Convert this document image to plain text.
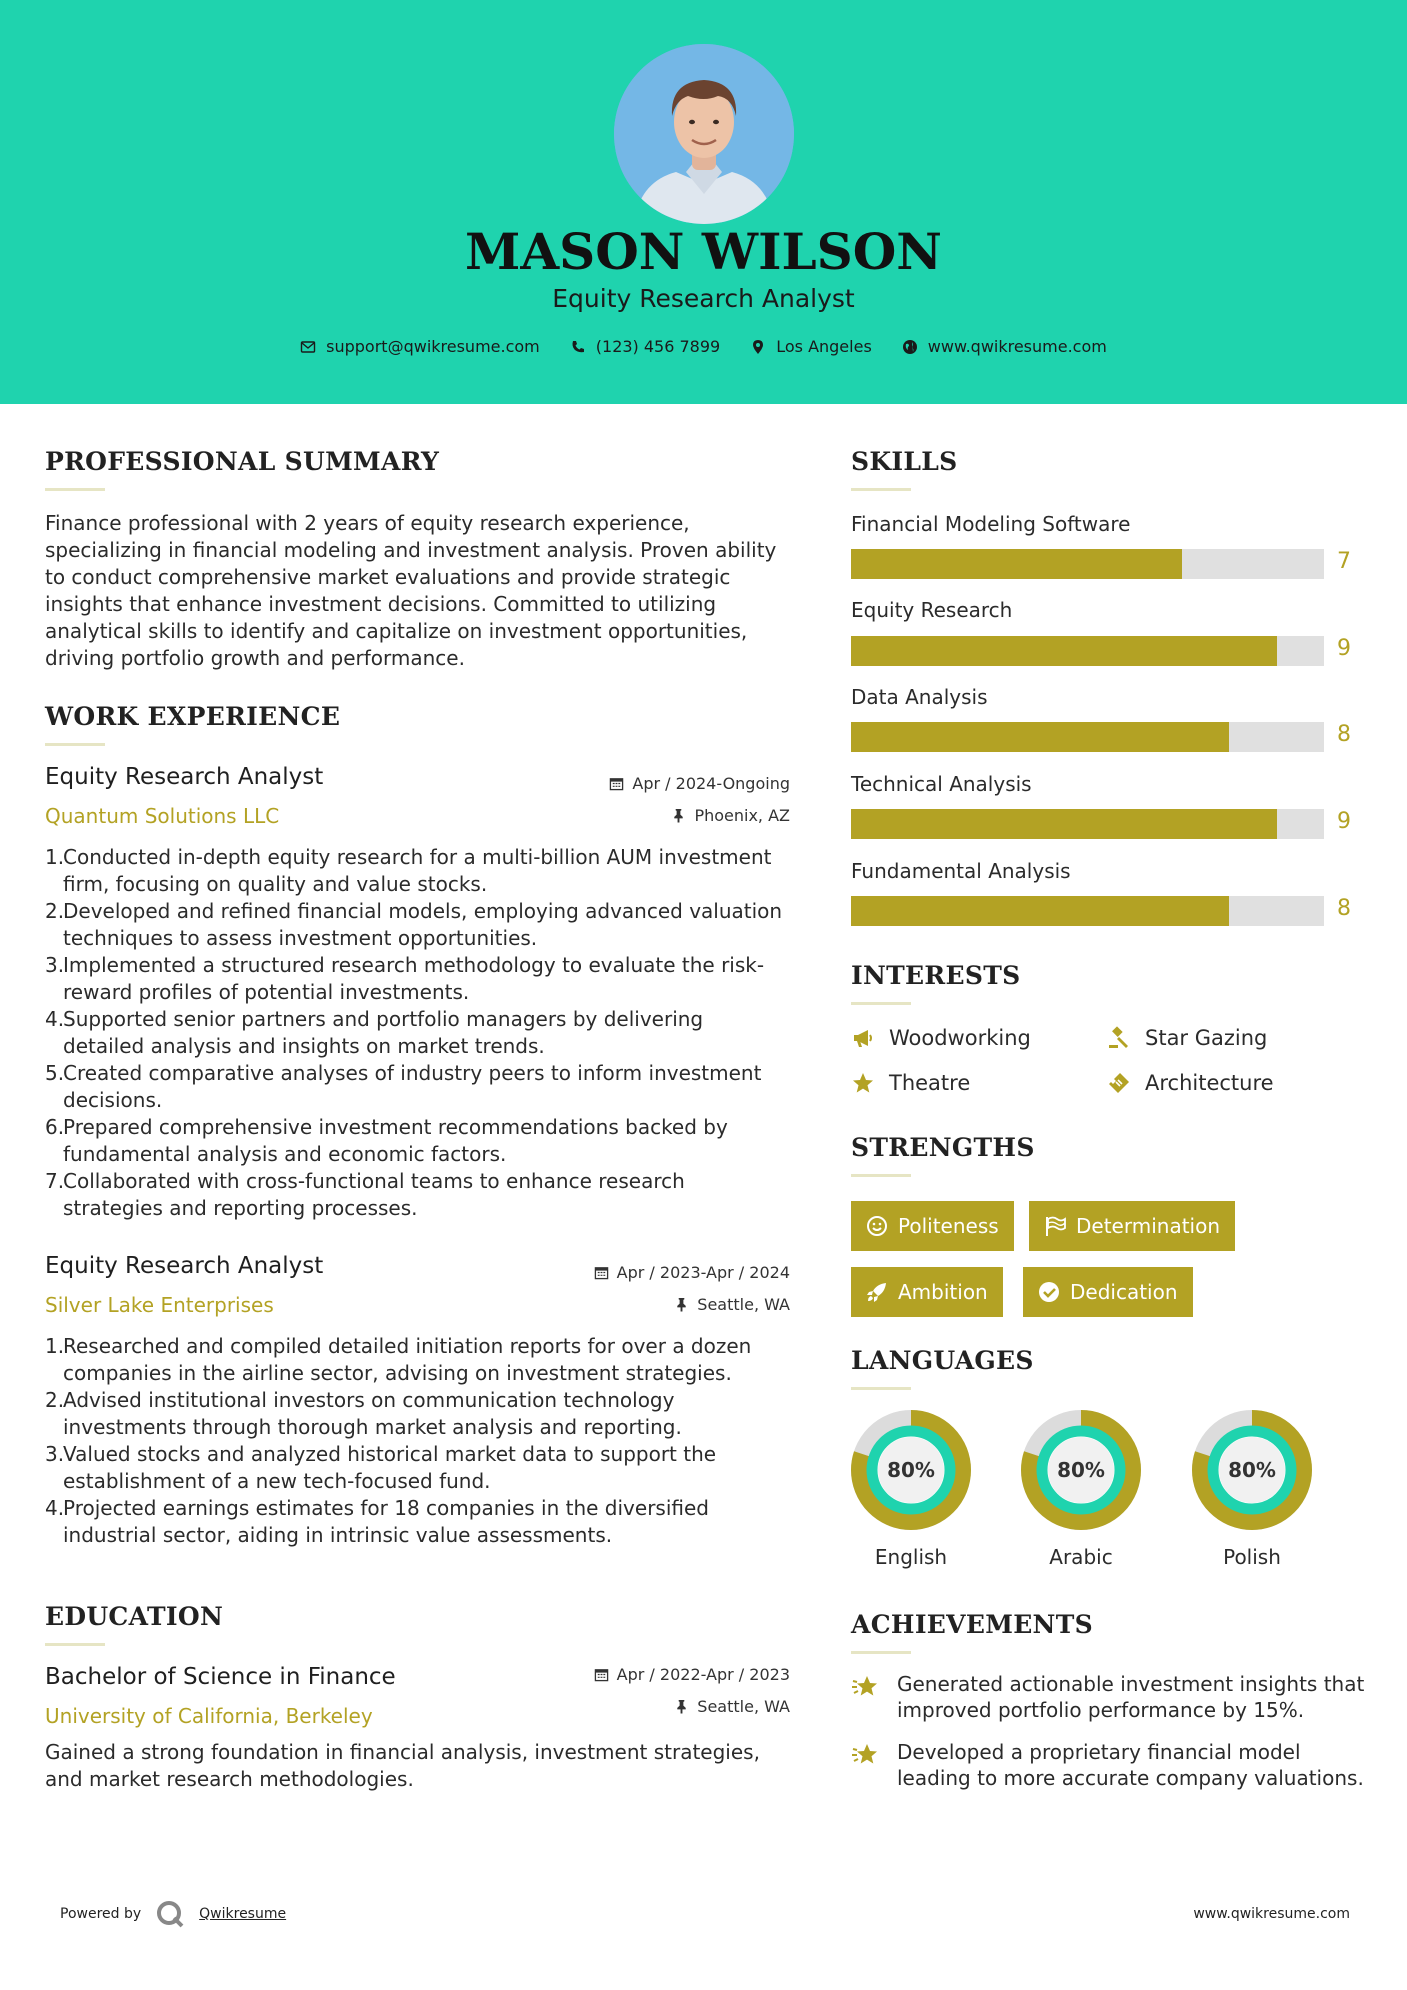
MASON WILSON
Equity Research Analyst
support@qwikresume.com	(123) 456 7899	Los Angeles	www.qwikresume.com
PROFESSIONAL SUMMARY
Finance professional with 2 years of equity research experience, specializing in financial modeling and investment analysis. Proven ability to conduct comprehensive market evaluations and provide strategic insights that enhance investment decisions. Committed to utilizing analytical skills to identify and capitalize on investment opportunities, driving portfolio growth and performance.
WORK EXPERIENCE
Equity Research Analyst
Quantum Solutions LLC
Apr / 2024-Ongoing
Phoenix, AZ
1.
Conducted in-depth equity research for a multi-billion AUM investment firm, focusing on quality and value stocks.
2.
Developed and refined financial models, employing advanced valuation techniques to assess investment opportunities.
3.
Implemented a structured research methodology to evaluate the risk-reward profiles of potential investments.
4.
Supported senior partners and portfolio managers by delivering detailed analysis and insights on market trends.
5.
Created comparative analyses of industry peers to inform investment decisions.
6.
Prepared comprehensive investment recommendations backed by fundamental analysis and economic factors.
7.
Collaborated with cross-functional teams to enhance research strategies and reporting processes.
Equity Research Analyst
Silver Lake Enterprises
Apr / 2023-Apr / 2024
Seattle, WA
1.
Researched and compiled detailed initiation reports for over a dozen companies in the airline sector, advising on investment strategies.
2.
Advised institutional investors on communication technology investments through thorough market analysis and reporting.
3.
Valued stocks and analyzed historical market data to support the establishment of a new tech-focused fund.
4.
Projected earnings estimates for 18 companies in the diversified industrial sector, aiding in intrinsic value assessments.
EDUCATION
Bachelor of Science in Finance
University of California, Berkeley
Apr / 2022-Apr / 2023
Seattle, WA
Gained a strong foundation in financial analysis, investment strategies, and market research methodologies.
SKILLS
Financial Modeling Software
7
Equity Research
9
Data Analysis
8
Technical Analysis
9
Fundamental Analysis
8
INTERESTS
Woodworking	Star Gazing
Theatre	Architecture
STRENGTHS
Politeness	Determination
Ambition	Dedication
LANGUAGES
80%
English
80%
Arabic
80%
Polish
ACHIEVEMENTS
Generated actionable investment insights that improved portfolio performance by 15%.
Developed a proprietary financial model leading to more accurate company valuations.
Powered by	Qwikresume	www.qwikresume.com
